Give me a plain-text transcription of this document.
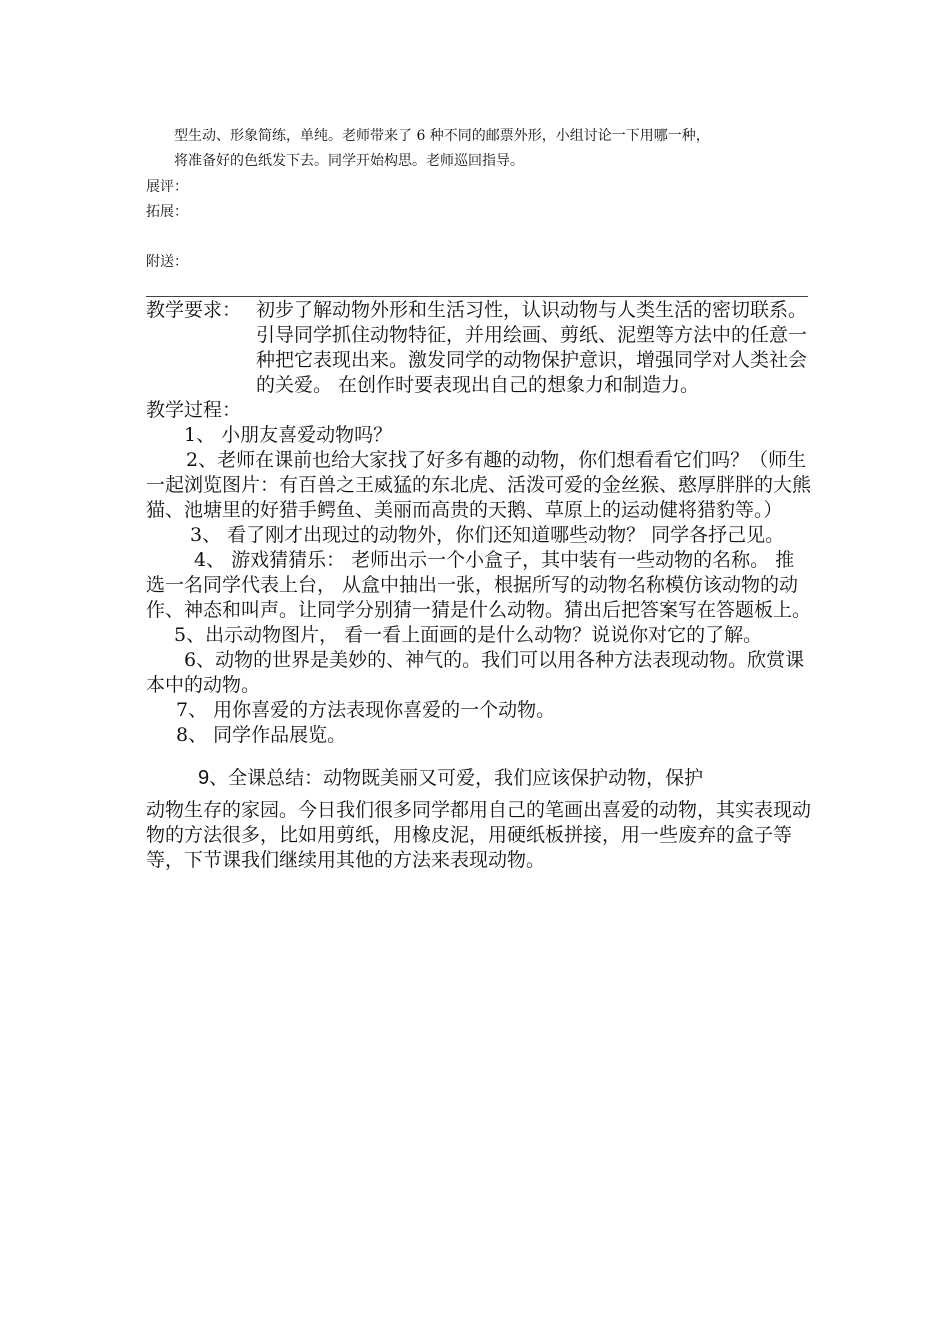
型生动、形象简练，单纯。老师带来了 6 种不同的邮票外形，小组讨论一下用哪一种，

将准备好的色纸发下去。同学开始构思。老师巡回指导。

展评：
拓展：
附送：
教学要求： 初步了解动物外形和生活习性，认识动物与人类生活的密切联系。 引导同学抓住动物特征，并用绘画、剪纸、泥塑等方法中的任意一种把它表现出来。激发同学的动物保护意识，增强同学对人类社会的关爱。 在创作时要表现出自己的想象力和制造力。
教学过程：
1、 小朋友喜爱动物吗？
2、老师在课前也给大家找了好多有趣的动物，你们想看看它们吗？（师生一起浏览图片：有百兽之王威猛的东北虎、活泼可爱的金丝猴、憨厚胖胖的大熊猫、池塘里的好猎手鳄鱼、美丽而高贵的天鹅、草原上的运动健将猎豹等。）
3、 看了刚才出现过的动物外，你们还知道哪些动物？ 同学各抒己见。
4、 游戏猜猜乐： 老师出示一个小盒子，其中装有一些动物的名称。 推选一名同学代表上台， 从盒中抽出一张，根据所写的动物名称模仿该动物的动作、神态和叫声。让同学分别猜一猜是什么动物。猜出后把答案写在答题板上。
5、出示动物图片， 看一看上面画的是什么动物？说说你对它的了解。
6、动物的世界是美妙的、神气的。我们可以用各种方法表现动物。欣赏课本中的动物。
7、 用你喜爱的方法表现你喜爱的一个动物。
8、 同学作品展览。
9、全课总结：动物既美丽又可爱，我们应该保护动物，保护
动物生存的家园。今日我们很多同学都用自己的笔画出喜爱的动物，其实表现动物的方法很多，比如用剪纸，用橡皮泥，用硬纸板拼接，用一些废弃的盒子等等，下节课我们继续用其他的方法来表现动物。
